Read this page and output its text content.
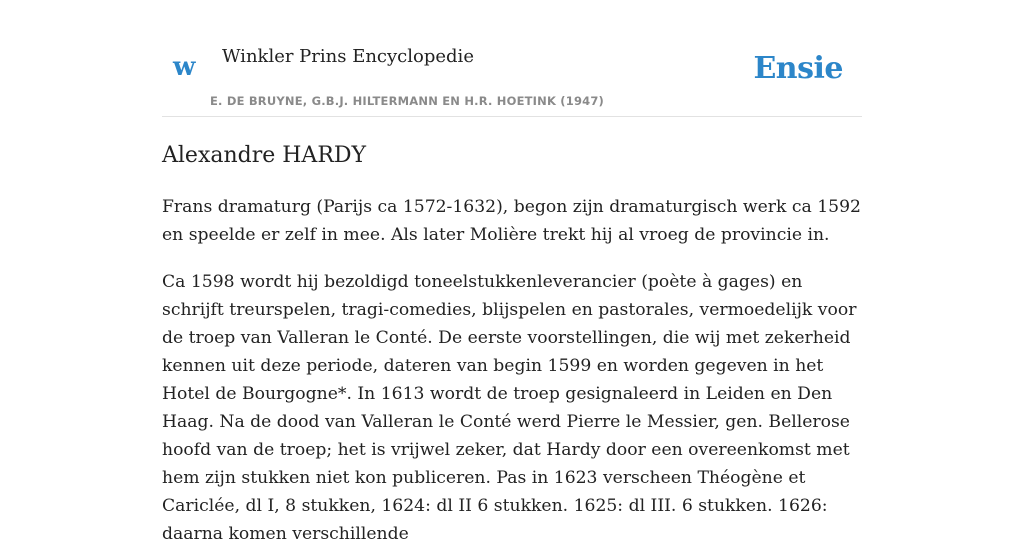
w Winkler Prins Encyclopedie
E. DE BRUYNE, G.B.J. HILTERMANN EN H.R. HOETINK (1947)
Ensie
Alexandre HARDY

Frans dramaturg (Parijs ca 1572-1632), begon zijn dramaturgisch werk ca 1592 en speelde er zelf in mee. Als later Molière trekt hij al vroeg de provincie in.

Ca 1598 wordt hij bezoldigd toneelstukkenleverancier (poète à gages) en schrijft treurspelen, tragi-comedies, blijspelen en pastorales, vermoedelijk voor de troep van Valleran le Conté. De eerste voorstellingen, die wij met zekerheid kennen uit deze periode, dateren van begin 1599 en worden gegeven in het Hotel de Bourgogne*. In 1613 wordt de troep gesignaleerd in Leiden en Den Haag. Na de dood van Valleran le Conté werd Pierre le Messier, gen. Bellerose hoofd van de troep; het is vrijwel zeker, dat Hardy door een overeenkomst met hem zijn stukken niet kon publiceren. Pas in 1623 verscheen Théogène et Cariclée, dl I, 8 stukken, 1624: dl II 6 stukken. 1625: dl III. 6 stukken. 1626: daarna komen verschillende
